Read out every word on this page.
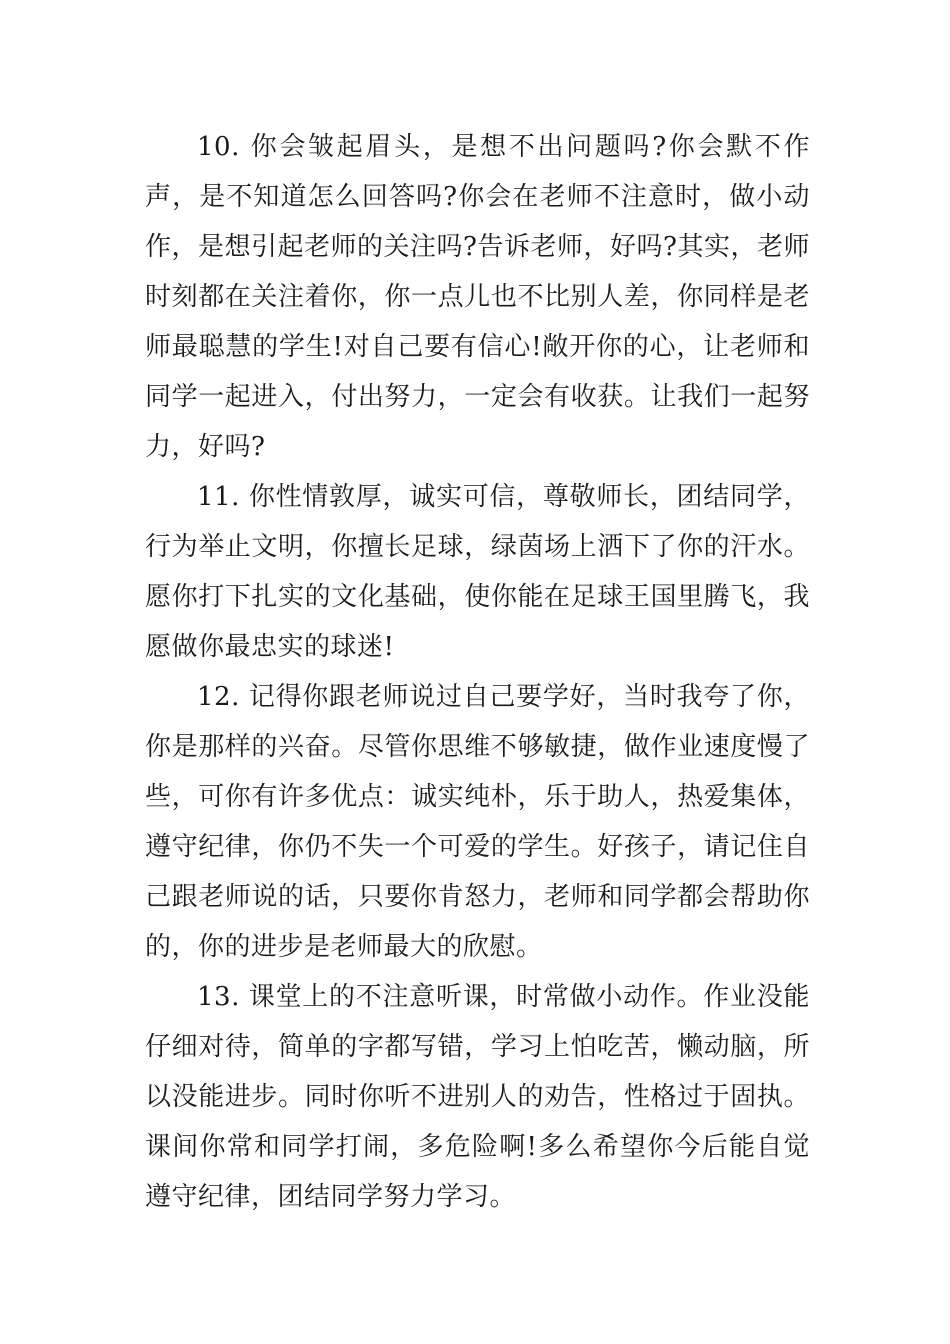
10. 你会皱起眉头，是想不出问题吗?你会默不作声，是不知道怎么回答吗?你会在老师不注意时，做小动作，是想引起老师的关注吗?告诉老师，好吗?其实，老师时刻都在关注着你，你一点儿也不比别人差，你同样是老师最聪慧的学生!对自己要有信心!敞开你的心，让老师和同学一起进入，付出努力，一定会有收获。让我们一起努力，好吗?

11. 你性情敦厚，诚实可信，尊敬师长，团结同学，行为举止文明，你擅长足球，绿茵场上洒下了你的汗水。愿你打下扎实的文化基础，使你能在足球王国里腾飞，我愿做你最忠实的球迷!

12. 记得你跟老师说过自己要学好，当时我夸了你，你是那样的兴奋。尽管你思维不够敏捷，做作业速度慢了些，可你有许多优点：诚实纯朴，乐于助人，热爱集体，遵守纪律，你仍不失一个可爱的学生。好孩子，请记住自己跟老师说的话，只要你肯怒力，老师和同学都会帮助你的，你的进步是老师最大的欣慰。

13. 课堂上的不注意听课，时常做小动作。作业没能仔细对待，简单的字都写错，学习上怕吃苦，懒动脑，所以没能进步。同时你听不进别人的劝告，性格过于固执。课间你常和同学打闹，多危险啊!多么希望你今后能自觉遵守纪律，团结同学努力学习。
